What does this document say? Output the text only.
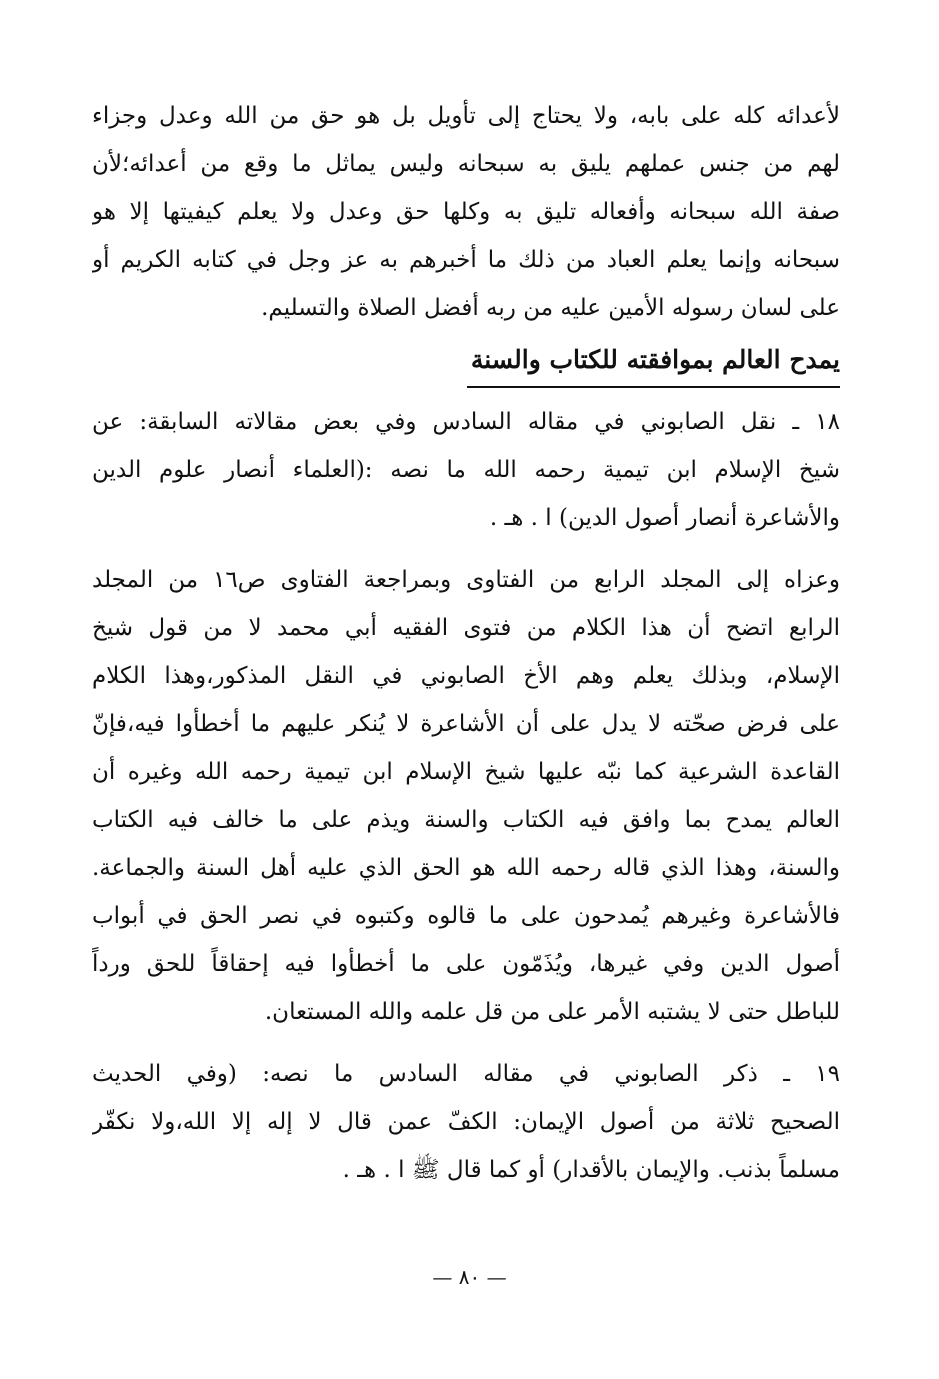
لأعدائه كله على بابه، ولا يحتاج إلى تأويل بل هو حق من الله وعدل وجزاء
لهم من جنس عملهم يليق به سبحانه وليس يماثل ما وقع من أعدائه؛لأن
صفة الله سبحانه وأفعاله تليق به وكلها حق وعدل ولا يعلم كيفيتها إلا هو
سبحانه وإنما يعلم العباد من ذلك ما أخبرهم به عز وجل في كتابه الكريم أو
على لسان رسوله الأمين عليه من ربه أفضل الصلاة والتسليم.
يمدح العالم بموافقته للكتاب والسنة
١٨ ـ نقل الصابوني في مقاله السادس وفي بعض مقالاته السابقة: عن
شيخ الإسلام ابن تيمية رحمه الله ما نصه :(العلماء أنصار علوم الدين
والأشاعرة أنصار أصول الدين) ا . هـ .
وعزاه إلى المجلد الرابع من الفتاوى وبمراجعة الفتاوى ص١٦ من المجلد
الرابع اتضح أن هذا الكلام من فتوى الفقيه أبي محمد لا من قول شيخ
الإسلام، وبذلك يعلم وهم الأخ الصابوني في النقل المذكور،وهذا الكلام
على فرض صحّته لا يدل على أن الأشاعرة لا يُنكر عليهم ما أخطأوا فيه،فإنّ
القاعدة الشرعية كما نبّه عليها شيخ الإسلام ابن تيمية رحمه الله وغيره أن
العالم يمدح بما وافق فيه الكتاب والسنة ويذم على ما خالف فيه الكتاب
والسنة، وهذا الذي قاله رحمه الله هو الحق الذي عليه أهل السنة والجماعة.
فالأشاعرة وغيرهم يُمدحون على ما قالوه وكتبوه في نصر الحق في أبواب
أصول الدين وفي غيرها، ويُذَمّون على ما أخطأوا فيه إحقاقاً للحق ورداً
للباطل حتى لا يشتبه الأمر على من قل علمه والله المستعان.
١٩ ـ ذكر الصابوني في مقاله السادس ما نصه: (وفي الحديث
الصحيح ثلاثة من أصول الإيمان: الكفّ عمن قال لا إله إلا الله،ولا نكفّر
مسلماً بذنب. والإيمان بالأقدار) أو كما قال ﷺ ا . هـ .
— ٨٠ —
